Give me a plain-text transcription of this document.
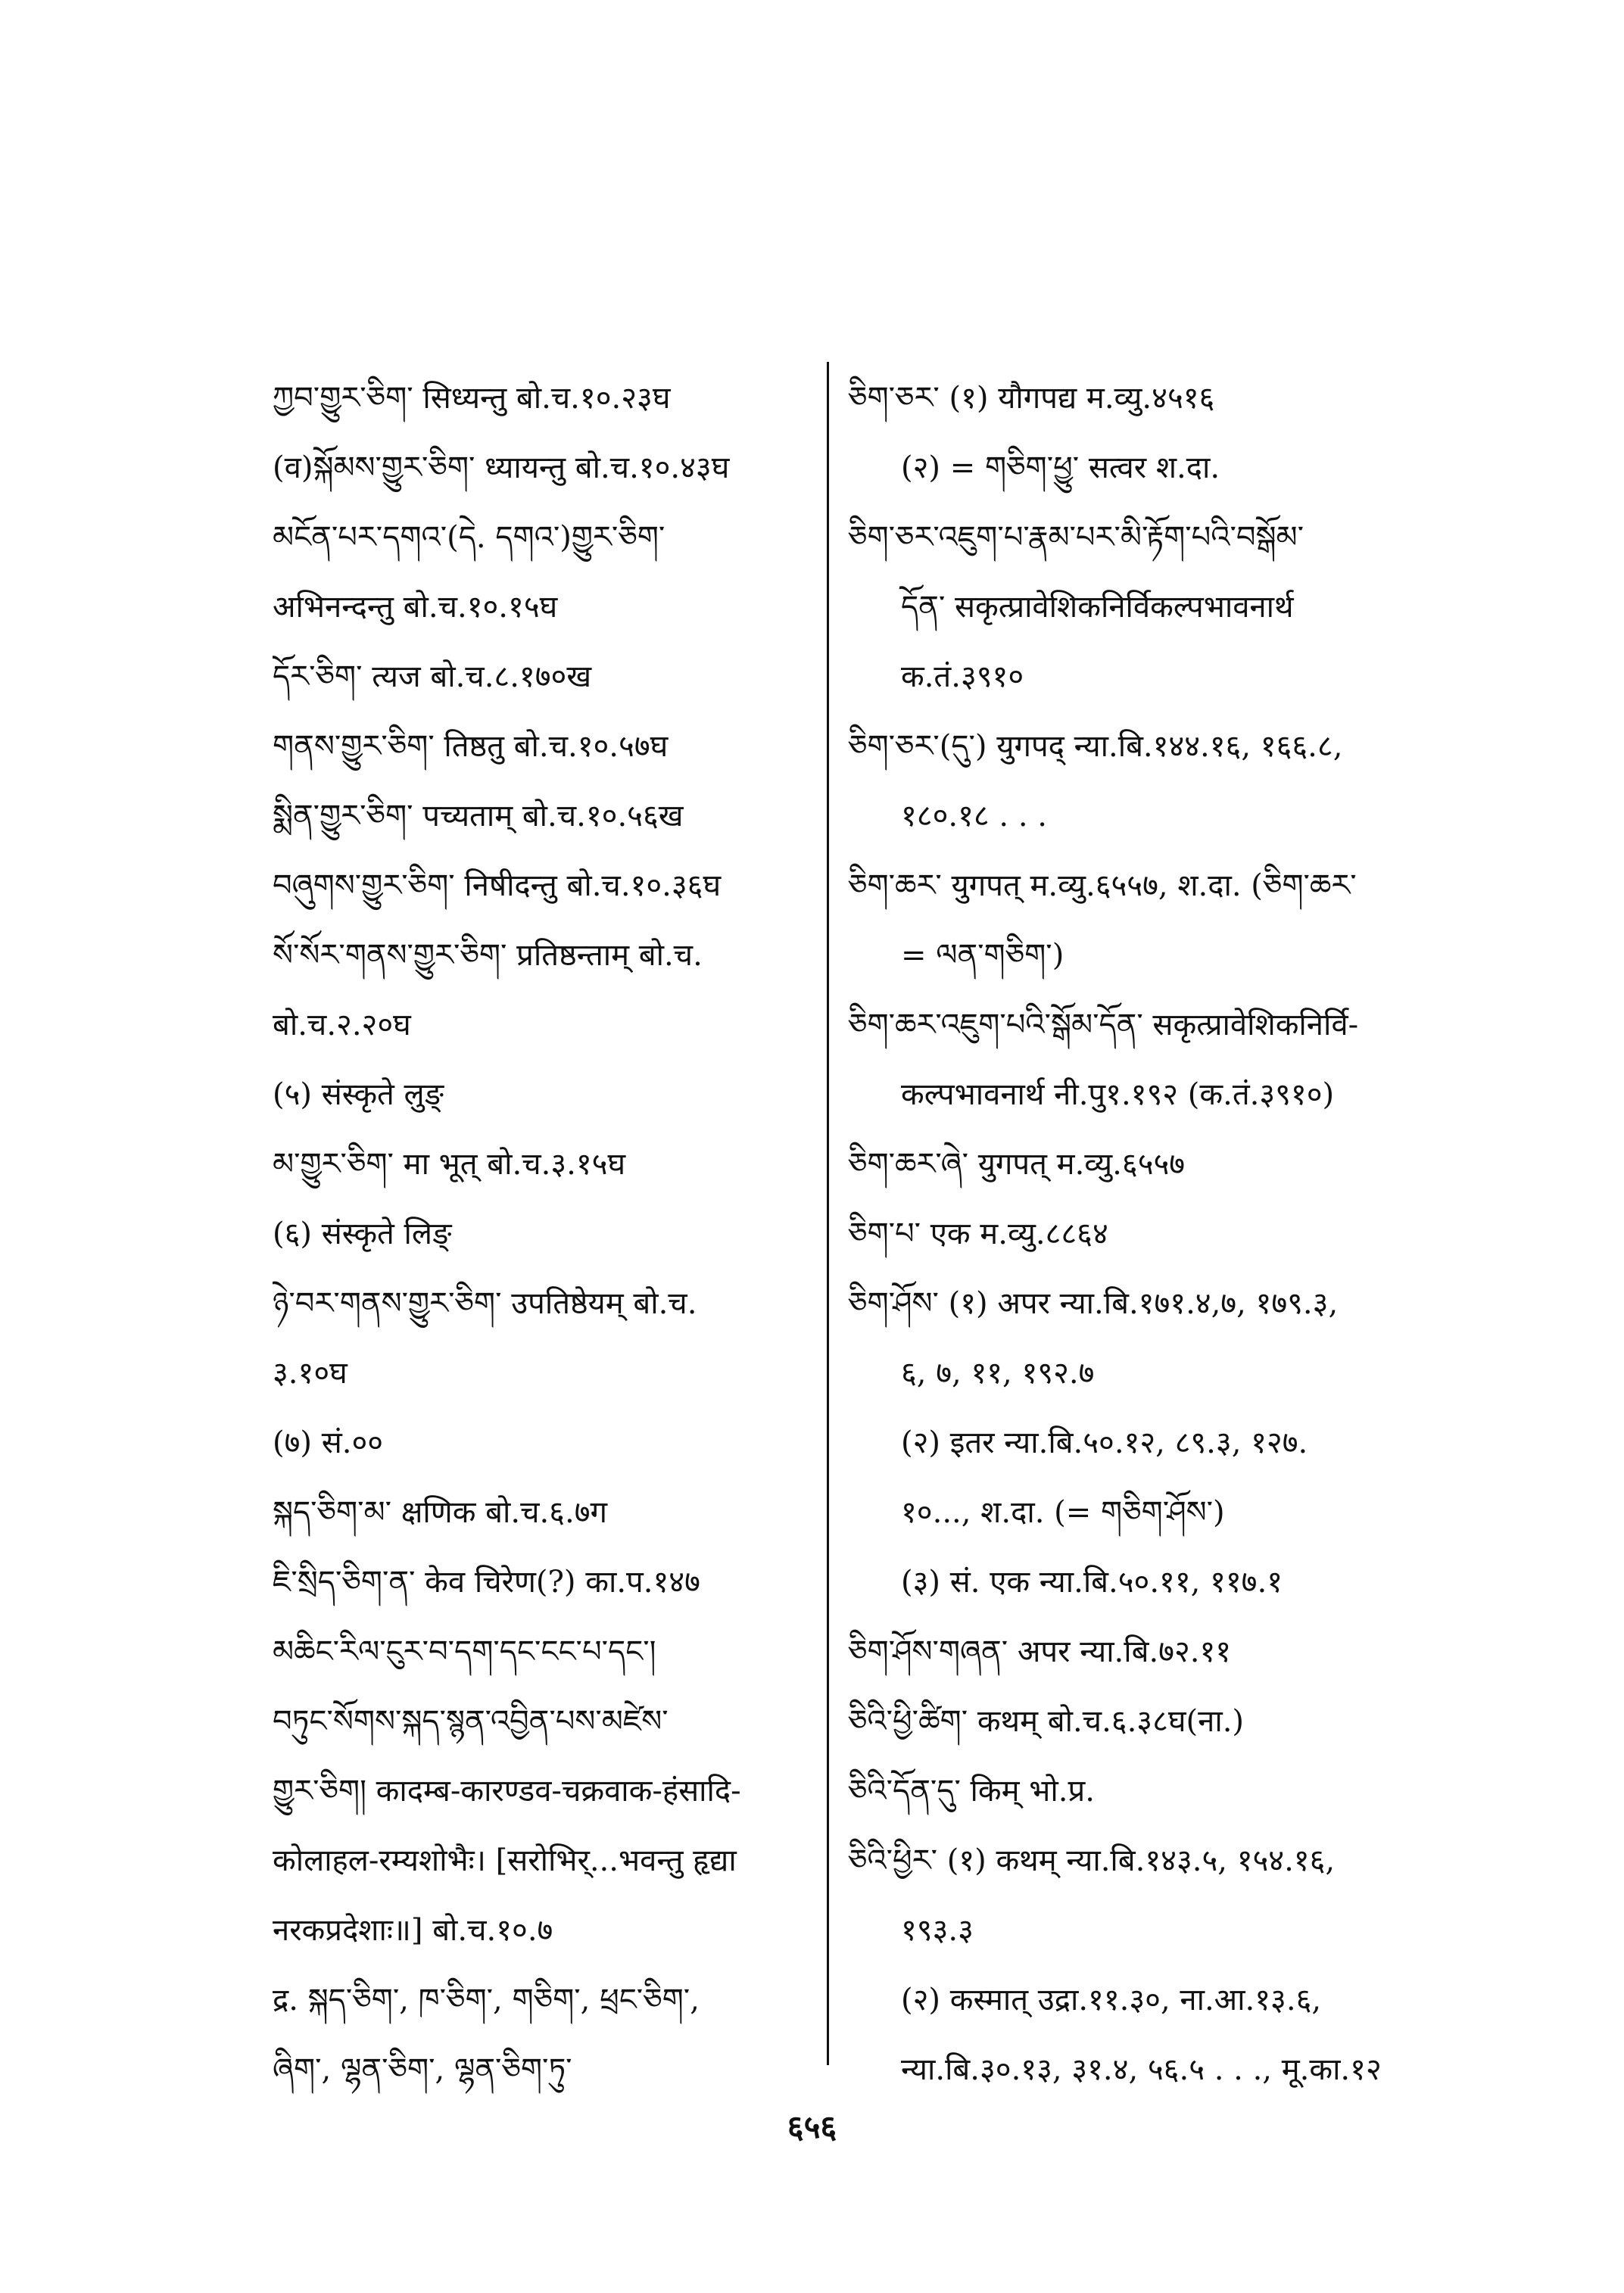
ཀྱབ་གྱུར་ཅིག་ सिध्यन्तु बो.च.१०.२३घ
(व)སྐོམས་གྱུར་ཅིག་ ध्यायन्तु बो.च.१०.४३घ
མངོན་པར་དགའ་(དེ. དགའ་)གྱུར་ཅིག་
अभिनन्दन्तु बो.च.१०.१५घ
དོར་ཅིག་ त्यज बो.च.८.१७०ख
གནས་གྱུར་ཅིག་ तिष्ठतु बो.च.१०.५७घ
སྨིན་གྱུར་ཅིག་ पच्यताम् बो.च.१०.५६ख
བཞུགས་གྱུར་ཅིག་ निषीदन्तु बो.च.१०.३६घ
སོ་སོར་གནས་གྱུར་ཅིག་ प्रतिष्ठन्ताम् बो.च.
बो.च.२.२०घ
(५) संस्कृते लुङ्
མ་གྱུར་ཅིག་ मा भूत् बो.च.३.१५घ
(६) संस्कृते लिङ्
ཉེ་བར་གནས་གྱུར་ཅིག་ उपतिष्ठेयम् बो.च.
३.१०घ
(७) सं.००
སྐད་ཅིག་མ་ क्षणिक बो.च.६.७ग
ཇི་སྲིད་ཅིག་ན་ केव चिरेण(?) का.प.१४७
མཆིང་རིལ་ངུར་བ་དག་དང་ངང་པ་དང་།
བཏུང་སོགས་སྐད་སྙན་འབྱིན་པས་མཛེས་
གྱུར་ཅིག། कादम्ब-कारण्डव-चक्रवाक-हंसादि-
कोलाहल-रम्यशोभैः। [सरोभिर्...भवन्तु हृद्या
नरकप्रदेशाः॥] बो.च.१०.७
द्र. སྐད་ཅིག་, ཁ་ཅིག་, གཅིག་, ཕྲང་ཅིག་,
ཞིག་, ལྷན་ཅིག་, ལྷན་ཅིག་ཏུ་
ཅིག་ཅར་ (१) यौगपद्य म.व्यु.४५१६
(२) = གཅིག་ཕྱུ་ सत्वर श.दा.
ཅིག་ཅར་འཇུག་པ་རྣམ་པར་མི་རྟོག་པའི་བསྒོམ་
དོན་ सकृत्प्रावेशिकनिर्विकल्पभावनार्थ
क.तं.३९१०
ཅིག་ཅར་(དུ་) युगपद् न्या.बि.१४४.१६, १६६.८,
१८०.१८ . . .
ཅིག་ཆར་ युगपत् म.व्यु.६५५७, श.दा. (ཅིག་ཆར་
= ལན་གཅིག་)
ཅིག་ཆར་འཇུག་པའི་སྒོམ་དོན་ सकृत्प्रावेशिकनिर्वि-
कल्पभावनार्थ नी.पु१.१९२ (क.तं.३९१०)
ཅིག་ཆར་ཞེ་ युगपत् म.व्यु.६५५७
ཅིག་པ་ एक म.व्यु.८८६४
ཅིག་ཤོས་ (१) अपर न्या.बि.१७१.४,७, १७९.३,
६, ७, ११, १९२.७
(२) इतर न्या.बि.५०.१२, ८९.३, १२७.
१०..., श.दा. (= གཅིག་ཤོས་)
(३) सं. एक न्या.बि.५०.११, ११७.१
ཅིག་ཤོས་གཞན་ अपर न्या.बि.७२.११
ཅིའི་ཕྱི་ཚིག་ कथम् बो.च.६.३८घ(ना.)
ཅིའི་དོན་དུ་ किम् भो.प्र.
ཅིའི་ཕྱིར་ (१) कथम् न्या.बि.१४३.५, १५४.१६,
१९३.३
(२) कस्मात् उद्रा.११.३०, ना.आ.१३.६,
न्या.बि.३०.१३, ३१.४, ५६.५ . . ., मू.का.१२
६५६
